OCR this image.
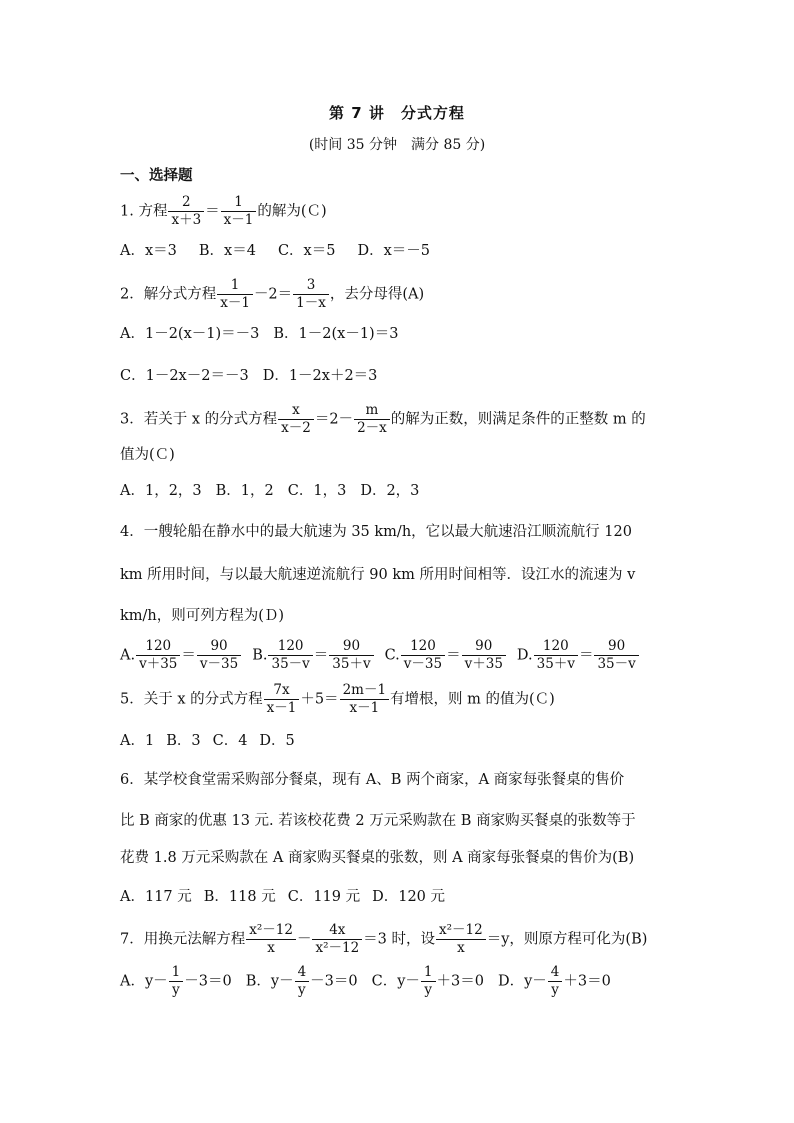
第 7 讲　分式方程
(时间 35 分钟　满分 85 分)
一、选择题
1. 方程 $\frac{2}{x+3} = \frac{1}{x-1}$ 的解为(Ｃ)
A．x＝3 B．x＝4 C．x＝5 D．x＝－5
2．解分式方程 $\frac{1}{x-1} -2= \frac{3}{1-x}$ ，去分母得(A)
A．1－2(x－1)＝－3 B．1－2(x－1)＝3
C．1－2x－2＝－3 D．1－2x＋2＝3
3．若关于 x 的分式方程 $\frac{x}{x-2} =2- \frac{m}{2-x}$ 的解为正数，则满足条件的正整数 m 的
值为(Ｃ)
A．1，2，3 B．1，2 C．1，3 D．2，3
4．一艘轮船在静水中的最大航速为 35 km/h，它以最大航速沿江顺流航行 120
km 所用时间，与以最大航速逆流航行 90 km 所用时间相等．设江水的流速为 v
km/h，则可列方程为(Ｄ)
A. $\frac{120}{v+35} = \frac{90}{v-35} B$. $\frac{120}{35-v} = \frac{90}{35+v} C$. $\frac{120}{v-35} = \frac{90}{v+35} D$. $\frac{120}{35+v} = \frac{90}{35-v}$
5．关于 x 的分式方程 $\frac{7x}{x-1} +5= \frac{2m-1}{x-1}$ 有增根，则 m 的值为(Ｃ)
A．1 B．3 C．4 D．5
6．某学校食堂需采购部分餐桌，现有 A、B 两个商家，A 商家每张餐桌的售价
比 B 商家的优惠 13 元. 若该校花费 2 万元采购款在 B 商家购买餐桌的张数等于
花费 1.8 万元采购款在 A 商家购买餐桌的张数，则 A 商家每张餐桌的售价为(B)
A．117 元 B．118 元 C．119 元 D．120 元
7．用换元法解方程 $\frac{\text{x²－12}}{x} - \frac{4x}{\text{x²－12}} =3$ 时，设 $\frac{\text{x²－12}}{x} =y$，则原方程可化为(B)
A．$y- \frac{1}{y} -3=0$ B．$y- \frac{4}{y} -3=0$ C．$y- \frac{1}{y} +3=0$ D．$y- \frac{4}{y} +3=0$
